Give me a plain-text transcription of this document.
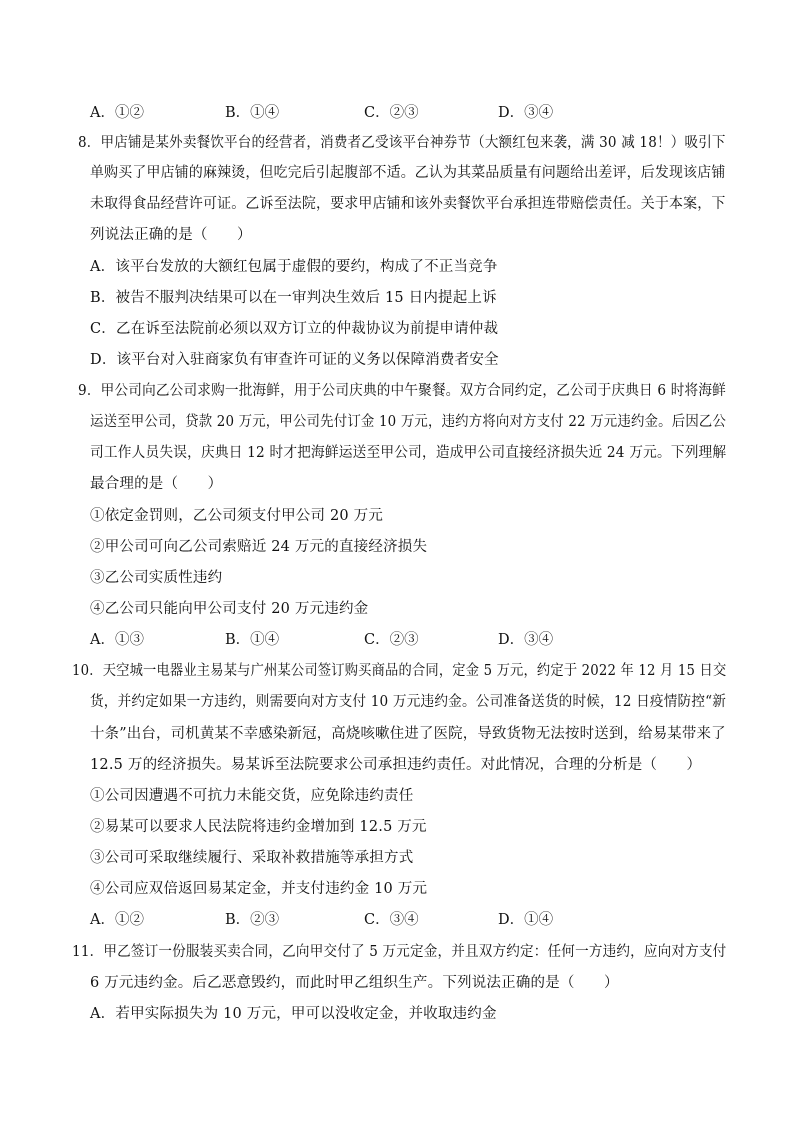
A．①②	B．①④	C．②③	D．③④
8．甲店铺是某外卖餐饮平台的经营者，消费者乙受该平台神券节（大额红包来袭，满 30 减 18！）吸引下
单购买了甲店铺的麻辣烫，但吃完后引起腹部不适。乙认为其菜品质量有问题给出差评，后发现该店铺
未取得食品经营许可证。乙诉至法院，要求甲店铺和该外卖餐饮平台承担连带赔偿责任。关于本案，下
列说法正确的是（　　）
A．该平台发放的大额红包属于虚假的要约，构成了不正当竞争
B．被告不服判决结果可以在一审判决生效后 15 日内提起上诉
C．乙在诉至法院前必须以双方订立的仲裁协议为前提申请仲裁
D．该平台对入驻商家负有审查许可证的义务以保障消费者安全
9．甲公司向乙公司求购一批海鲜，用于公司庆典的中午聚餐。双方合同约定，乙公司于庆典日 6 时将海鲜
运送至甲公司，贷款 20 万元，甲公司先付订金 10 万元，违约方将向对方支付 22 万元违约金。后因乙公
司工作人员失误，庆典日 12 时才把海鲜运送至甲公司，造成甲公司直接经济损失近 24 万元。下列理解
最合理的是（　　）
①依定金罚则，乙公司须支付甲公司 20 万元
②甲公司可向乙公司索赔近 24 万元的直接经济损失
③乙公司实质性违约
④乙公司只能向甲公司支付 20 万元违约金
A．①③	B．①④	C．②③	D．③④
10．天空城一电器业主易某与广州某公司签订购买商品的合同，定金 5 万元，约定于 2022 年 12 月 15 日交
货，并约定如果一方违约，则需要向对方支付 10 万元违约金。公司准备送货的时候，12 日疫情防控“新
十条”出台，司机黄某不幸感染新冠，高烧咳嗽住进了医院，导致货物无法按时送到，给易某带来了
12.5 万的经济损失。易某诉至法院要求公司承担违约责任。对此情况，合理的分析是（　　）
①公司因遭遇不可抗力未能交货，应免除违约责任
②易某可以要求人民法院将违约金增加到 12.5 万元
③公司可采取继续履行、采取补救措施等承担方式
④公司应双倍返回易某定金，并支付违约金 10 万元
A．①②	B．②③	C．③④	D．①④
11．甲乙签订一份服装买卖合同，乙向甲交付了 5 万元定金，并且双方约定：任何一方违约，应向对方支付
6 万元违约金。后乙恶意毁约，而此时甲乙组织生产。下列说法正确的是（　　）
A．若甲实际损失为 10 万元，甲可以没收定金，并收取违约金
